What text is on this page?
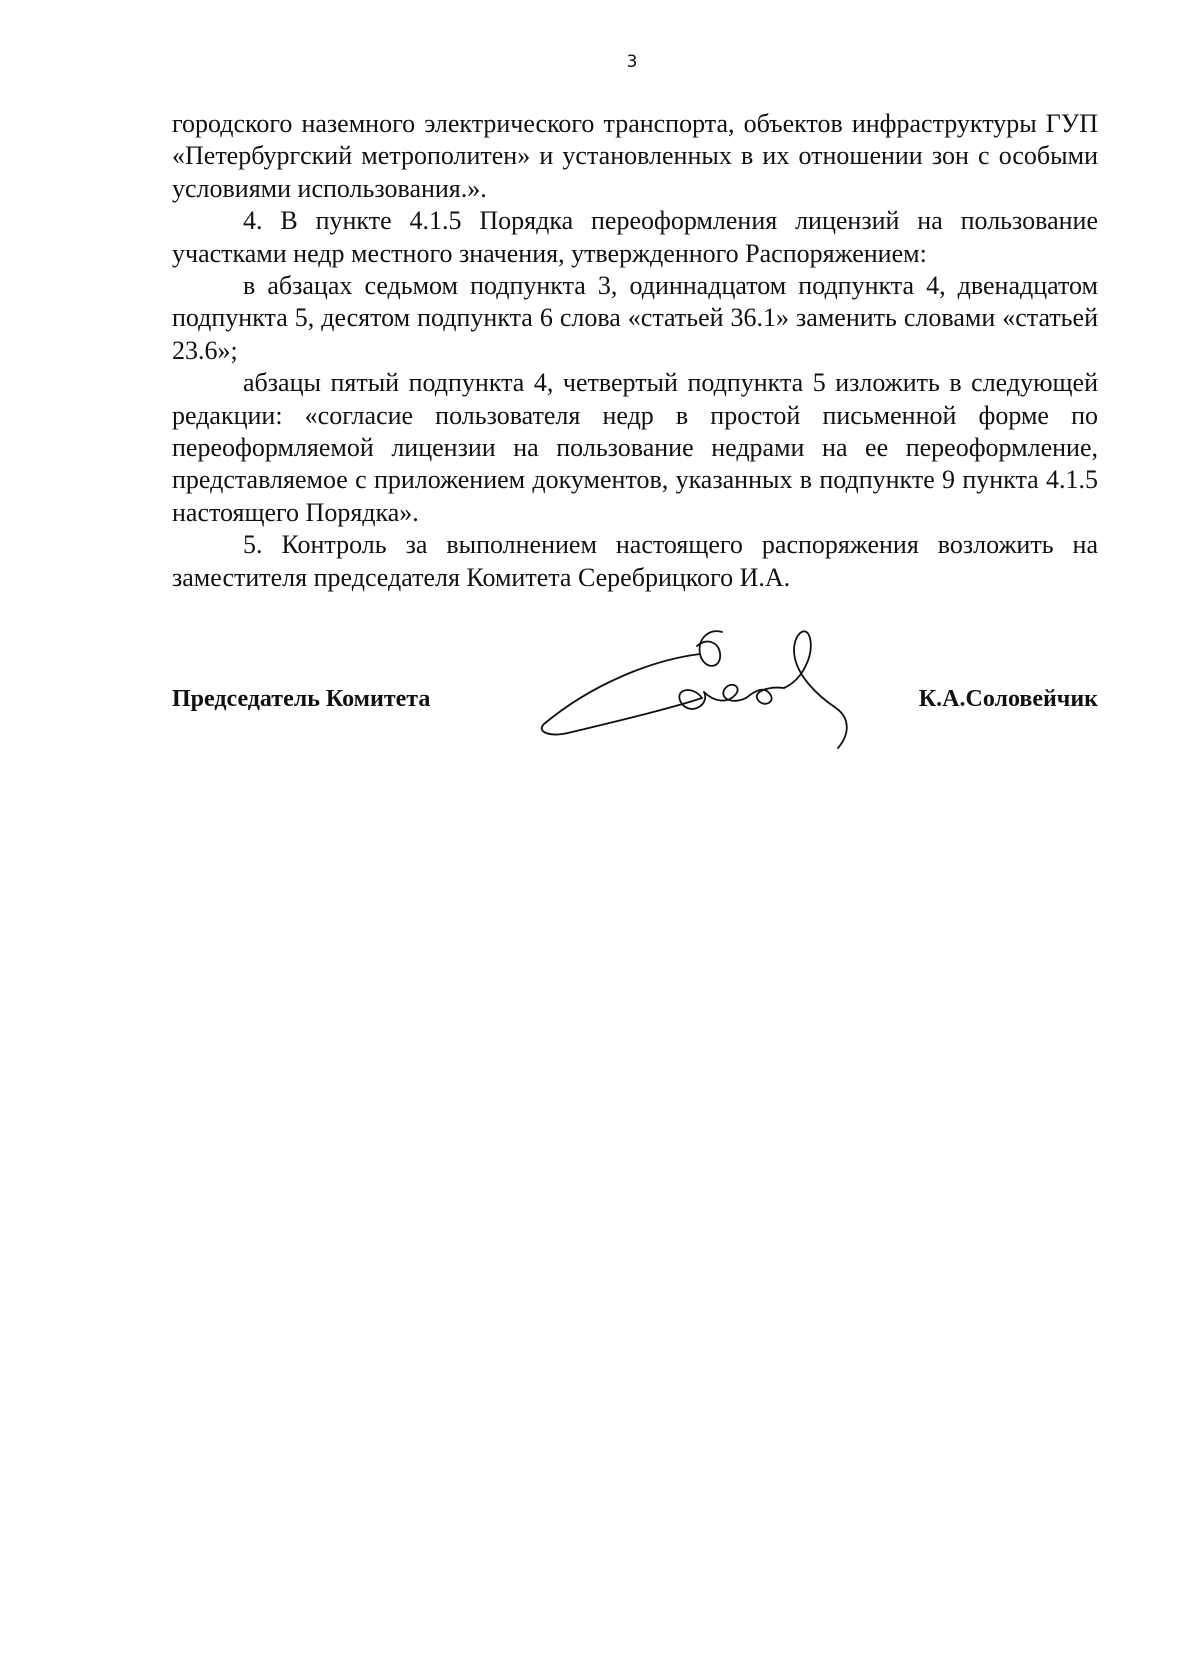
3

городского наземного электрического транспорта, объектов инфраструктуры ГУП «Петербургский метрополитен» и установленных в их отношении зон с особыми условиями использования.».

4. В пункте 4.1.5 Порядка переоформления лицензий на пользование участками недр местного значения, утвержденного Распоряжением:

в абзацах седьмом подпункта 3, одиннадцатом подпункта 4, двенадцатом подпункта 5, десятом подпункта 6 слова «статьей 36.1» заменить словами «статьей 23.6»;

абзацы пятый подпункта 4, четвертый подпункта 5 изложить в следующей редакции: «согласие пользователя недр в простой письменной форме по переоформляемой лицензии на пользование недрами на ее переоформление, представляемое с приложением документов, указанных в подпункте 9 пункта 4.1.5 настоящего Порядка».

5. Контроль за выполнением настоящего распоряжения возложить на заместителя председателя Комитета Серебрицкого И.А.

Председатель Комитета	К.А.Соловейчик
